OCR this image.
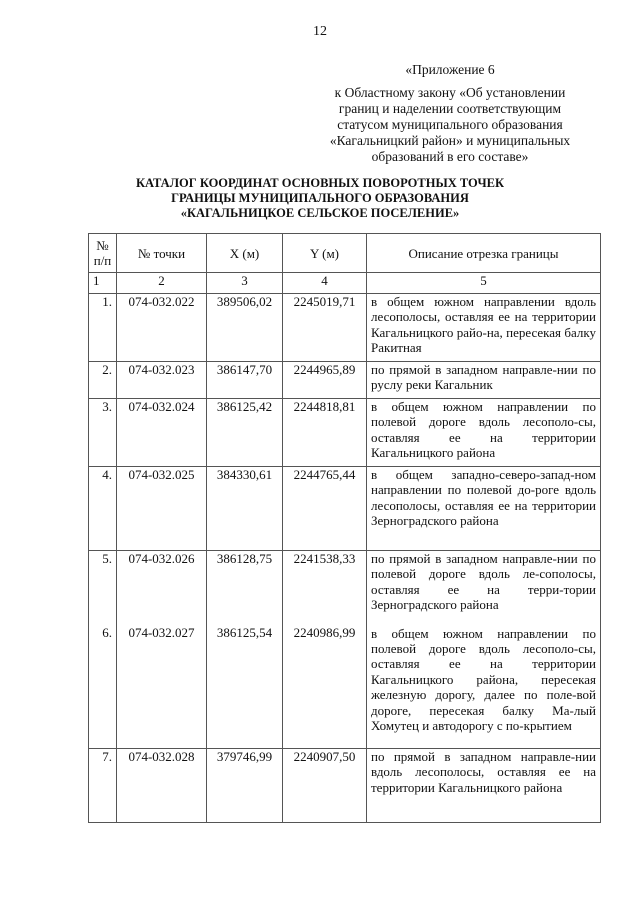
12
«Приложение 6
к Областному закону «Об установлении
границ и наделении соответствующим
статусом муниципального образования
«Кагальницкий район» и муниципальных
образований в его составе»
КАТАЛОГ КООРДИНАТ ОСНОВНЫХ ПОВОРОТНЫХ ТОЧЕК
ГРАНИЦЫ МУНИЦИПАЛЬНОГО ОБРАЗОВАНИЯ
«КАГАЛЬНИЦКОЕ СЕЛЬСКОЕ ПОСЕЛЕНИЕ»
№
п/п	№ точки	X (м)	Y (м)	Описание отрезка границы
1	2	3	4	5
1.	074-032.022	389506,02	2245019,71	в общем южном направлении вдоль лесополосы, оставляя ее на территории Кагальницкого райо-на, пересекая балку Ракитная
2.	074-032.023	386147,70	2244965,89	по прямой в западном направле-нии по руслу реки Кагальник
3.	074-032.024	386125,42	2244818,81	в общем южном направлении по полевой дороге вдоль лесополо-сы, оставляя ее на территории Кагальницкого района
4.	074-032.025	384330,61	2244765,44	в общем западно-северо-запад-ном направлении по полевой до-роге вдоль лесополосы, оставляя ее на территории Зерноградского района
5.	074-032.026	386128,75	2241538,33	по прямой в западном направле-нии по полевой дороге вдоль ле-сополосы, оставляя ее на терри-тории Зерноградского района
6.	074-032.027	386125,54	2240986,99	в общем южном направлении по полевой дороге вдоль лесополо-сы, оставляя ее на территории Кагальницкого района, пересекая железную дорогу, далее по поле-вой дороге, пересекая балку Ма-лый Хомутец и автодорогу с по-крытием
7.	074-032.028	379746,99	2240907,50	по прямой в западном направле-нии вдоль лесополосы, оставляя ее на территории Кагальницкого района
